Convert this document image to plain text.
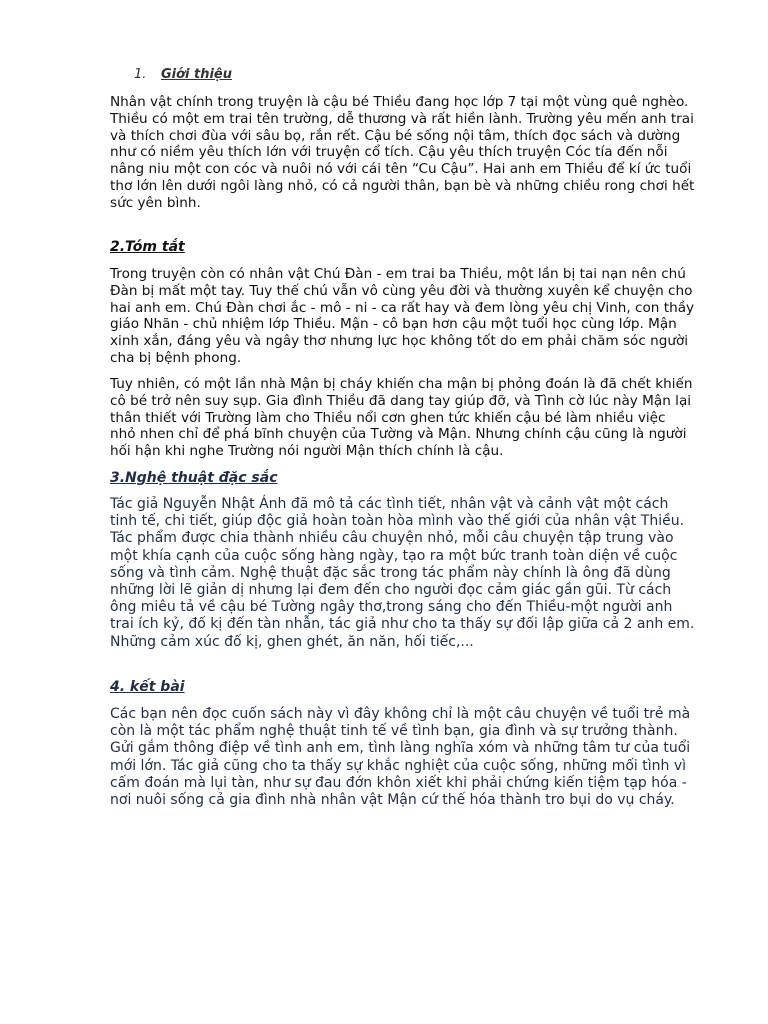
1. Giới thiệu

Nhân vật chính trong truyện là cậu bé Thiều đang học lớp 7 tại một vùng quê nghèo. Thiều có một em trai tên trường, dễ thương và rất hiền lành. Trường yêu mến anh trai và thích chơi đùa với sâu bọ, rắn rết. Cậu bé sống nội tâm, thích đọc sách và dường như có niềm yêu thích lớn với truyện cổ tích. Cậu yêu thích truyện Cóc tía đến nỗi nâng niu một con cóc và nuôi nó với cái tên “Cu Cậu”. Hai anh em Thiều để kí ức tuổi thơ lớn lên dưới ngôi làng nhỏ, có cả người thân, bạn bè và những chiều rong chơi hết sức yên bình.

2.Tóm tắt

Trong truyện còn có nhân vật Chú Đàn - em trai ba Thiều, một lần bị tai nạn nên chú Đàn bị mất một tay. Tuy thế chú vẫn vô cùng yêu đời và thường xuyên kể chuyện cho hai anh em. Chú Đàn chơi ắc - mô - ni - ca rất hay và đem lòng yêu chị Vinh, con thầy giáo Nhãn - chủ nhiệm lớp Thiều. Mận - cô bạn hơn cậu một tuổi học cùng lớp. Mận xinh xắn, đáng yêu và ngây thơ nhưng lực học không tốt do em phải chăm sóc người cha bị bệnh phong.

Tuy nhiên, có một lần nhà Mận bị cháy khiến cha mận bị phỏng đoán là đã chết khiến cô bé trở nên suy sụp. Gia đình Thiều đã dang tay giúp đỡ, và Tình cờ lúc này Mận lại thân thiết với Trường làm cho Thiều nổi cơn ghen tức khiến cậu bé làm nhiều việc nhỏ nhen chỉ để phá bĩnh chuyện của Tường và Mận. Nhưng chính cậu cũng là người hối hận khi nghe Trường nói người Mận thích chính là cậu.

3.Nghệ thuật đặc sắc

Tác giả Nguyễn Nhật Ánh đã mô tả các tình tiết, nhân vật và cảnh vật một cách tinh tế, chi tiết, giúp độc giả hoàn toàn hòa mình vào thế giới của nhân vật Thiều. Tác phẩm được chia thành nhiều câu chuyện nhỏ, mỗi câu chuyện tập trung vào một khía cạnh của cuộc sống hàng ngày, tạo ra một bức tranh toàn diện về cuộc sống và tình cảm. Nghệ thuật đặc sắc trong tác phẩm này chính là ông đã dùng những lời lẽ giản dị nhưng lại đem đến cho người đọc cảm giác gần gũi. Từ cách ông miêu tả về cậu bé Tường ngây thơ,trong sáng cho đến Thiều-một người anh trai ích kỷ, đố kị đến tàn nhẫn, tác giả như cho ta thấy sự đối lập giữa cả 2 anh em. Những cảm xúc đố kị, ghen ghét, ăn năn, hối tiếc,...

4. kết bài

Các bạn nên đọc cuốn sách này vì đây không chỉ là một câu chuyện về tuổi trẻ mà còn là một tác phẩm nghệ thuật tinh tế về tình bạn, gia đình và sự trưởng thành. Gửi gắm thông điệp về tình anh em, tình làng nghĩa xóm và những tâm tư của tuổi mới lớn. Tác giả cũng cho ta thấy sự khắc nghiệt của cuộc sống, những mối tình vì cấm đoán mà lụi tàn, như sự đau đớn khôn xiết khi phải chứng kiến tiệm tạp hóa - nơi nuôi sống cả gia đình nhà nhân vật Mận cứ thế hóa thành tro bụi do vụ cháy.
